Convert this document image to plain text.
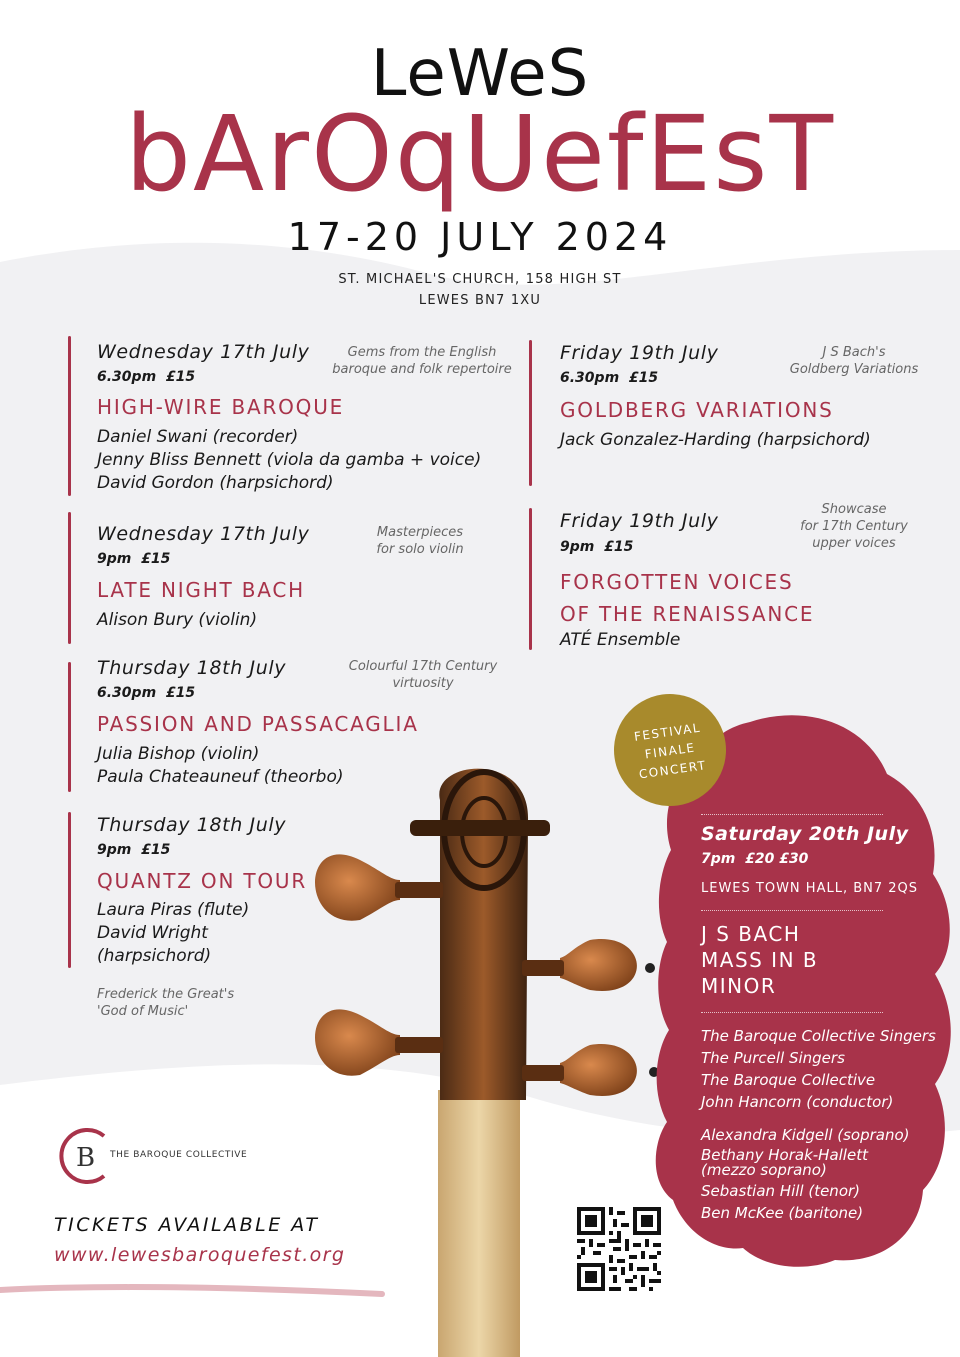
LeWeS
bArOqUefEsT
17-20 JULY 2024
ST. MICHAEL'S CHURCH, 158 HIGH ST
LEWES BN7 1XU
Wednesday 17th July
6.30pm  £15
Gems from the English
baroque and folk repertoire
HIGH-WIRE BAROQUE
Daniel Swani (recorder)
Jenny Bliss Bennett (viola da gamba + voice)
David Gordon (harpsichord)
Wednesday 17th July
9pm  £15
Masterpieces
for solo violin
LATE NIGHT BACH
Alison Bury (violin)
Thursday 18th July
6.30pm  £15
Colourful 17th Century
virtuosity
PASSION AND PASSACAGLIA
Julia Bishop (violin)
Paula Chateauneuf (theorbo)
Thursday 18th July
9pm  £15
QUANTZ ON TOUR
Laura Piras (flute)
David Wright
(harpsichord)
Frederick the Great's
'God of Music'
Friday 19th July
6.30pm  £15
J S Bach's
Goldberg Variations
GOLDBERG VARIATIONS
Jack Gonzalez-Harding (harpsichord)
Friday 19th July
9pm  £15
Showcase
for 17th Century
upper voices
FORGOTTEN VOICES
OF THE RENAISSANCE
ATÉ Ensemble
FESTIVAL
FINALE
CONCERT
Saturday 20th July
7pm  £20 £30
LEWES TOWN HALL, BN7 2QS
J S BACH
MASS IN B
MINOR
The Baroque Collective Singers
The Purcell Singers
The Baroque Collective
John Hancorn (conductor)
Alexandra Kidgell (soprano)
Bethany Horak-Hallett
(mezzo soprano)
Sebastian Hill (tenor)
Ben McKee (baritone)
B THE BAROQUE COLLECTIVE
TICKETS AVAILABLE AT
www.lewesbaroquefest.org
